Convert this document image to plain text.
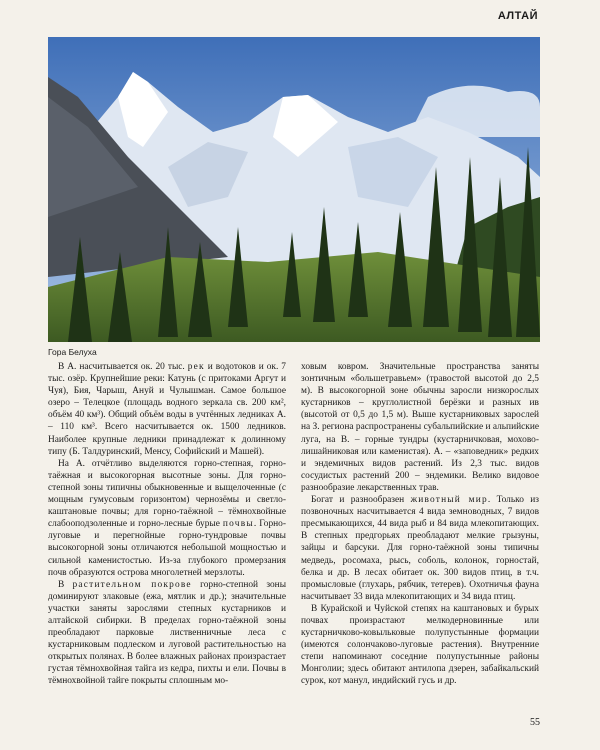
АЛТАЙ
Гора Белуха

В А. насчитывается ок. 20 тыс. рек и водотоков и ок. 7 тыс. озёр. Крупнейшие реки: Катунь (с притоками Аргут и Чуя), Бия, Чарыш, Ануй и Чулышман. Самое большое озеро – Телецкое (площадь водного зеркала св. 200 км², объём 40 км³). Общий объём воды в учтённых ледниках А. – 110 км³. Всего насчитывается ок. 1500 ледников. Наиболее крупные ледники принадлежат к долинному типу (Б. Талдуринский, Менсу, Софийский и Машей).

На А. отчётливо выделяются горно-степная, горно-таёжная и высокогорная высотные зоны. Для горно-степной зоны типичны обыкновенные и выщелоченные (с мощным гумусовым горизонтом) чернозёмы и светло-каштановые почвы; для горно-таёжной – тёмнохвойные слабооподзоленные и горно-лесные бурые почвы. Горно-луговые и перегнойные горно-тундровые почвы высокогорной зоны отличаются небольшой мощностью и сильной каменистостью. Из-за глубокого промерзания почв образуются острова многолетней мерзлоты.

В растительном покрове горно-степной зоны доминируют злаковые (ежа, мятлик и др.); значительные участки заняты зарослями степных кустарников и алтайской сибирки. В пределах горно-таёжной зоны преобладают парковые лиственничные леса с кустарниковым подлеском и луговой растительностью на открытых полянах. В более влажных районах произрастает густая тёмнохвойная тайга из кедра, пихты и ели. Почвы в тёмнохвойной тайге покрыты сплошным мо-

ховым ковром. Значительные пространства заняты зонтичным «большетравьем» (травостой высотой до 2,5 м). В высокогорной зоне обычны заросли низкорослых кустарников – круглолистной берёзки и разных ив (высотой от 0,5 до 1,5 м). Выше кустарниковых зарослей на З. региона распространены субальпийские и альпийские луга, на В. – горные тундры (кустарничковая, мохово-лишайниковая или каменистая). А. – «заповедник» редких и эндемичных видов растений. Из 2,3 тыс. видов сосудистых растений 200 – эндемики. Велико видовое разнообразие лекарственных трав.

Богат и разнообразен животный мир. Только из позвоночных насчитывается 4 вида земноводных, 7 видов пресмыкающихся, 44 вида рыб и 84 вида млекопитающих. В степных предгорьях преобладают мелкие грызуны, зайцы и барсуки. Для горно-таёжной зоны типичны медведь, росомаха, рысь, соболь, колонок, горностай, белка и др. В лесах обитает ок. 300 видов птиц, в т.ч. промысловые (глухарь, рябчик, тетерев). Охотничья фауна насчитывает 33 вида млекопитающих и 34 вида птиц.

В Курайской и Чуйской степях на каштановых и бурых почвах произрастают мелкодерновинные или кустарничково-ковыльковые полупустынные формации (имеются солончаково-луговые растения). Внутренние степи напоминают соседние полупустынные районы Монголии; здесь обитают антилопа дзерен, забайкальский сурок, кот манул, индийский гусь и др.

55
